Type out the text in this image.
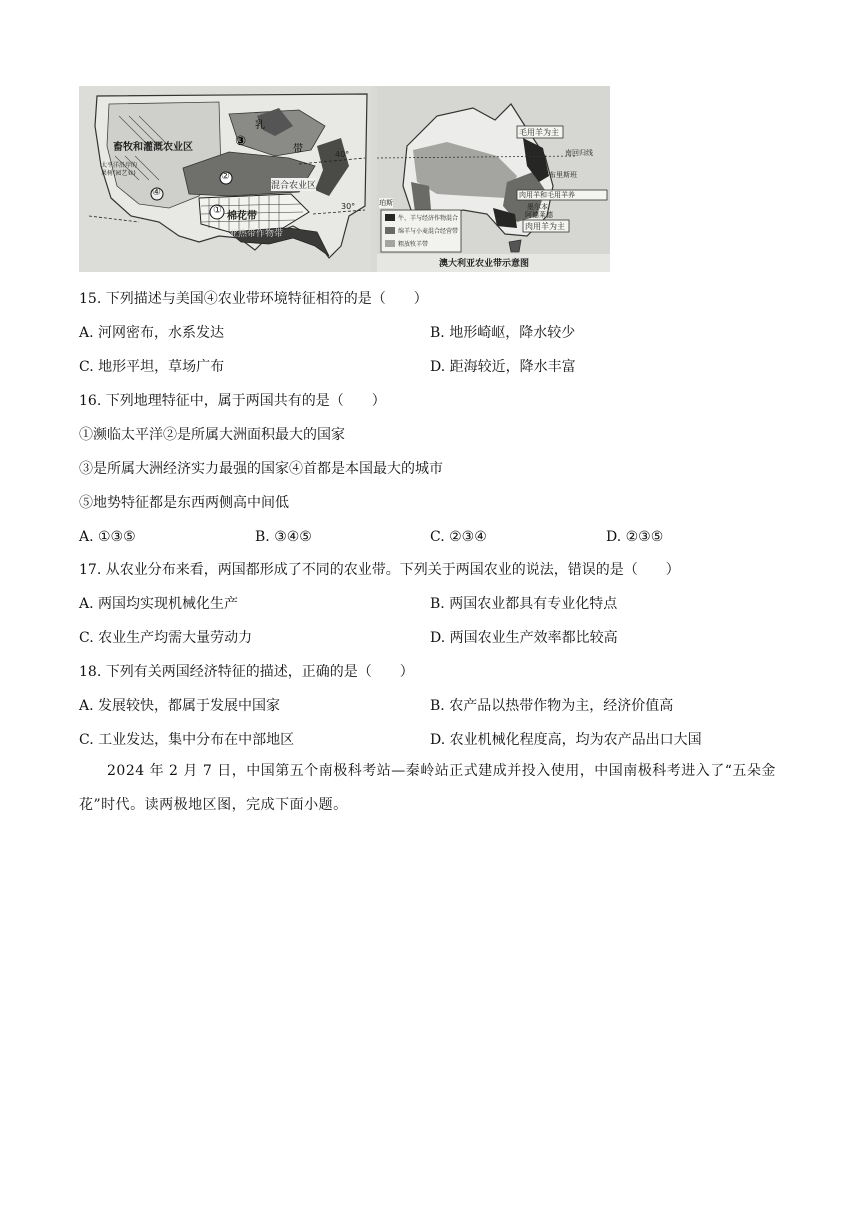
畜牧和灌溉农业区	③
乳
带
混合农业区
棉花带
亚热带作物带
①
②
④
40°
30°
太平洋沿岸的果树(园艺业)
毛用羊为主
南回归线
布里斯班
肉用羊和毛用羊养
珀斯	墨尔本
阿德莱德
肉用羊为主
牛、羊与经济作物混合
绵羊与小麦混合经营带
粗放牧羊带
澳大利亚农业带示意图
15. 下列描述与美国④农业带环境特征相符的是（　　）
A. 河网密布，水系发达	B. 地形崎岖，降水较少
C. 地形平坦，草场广布	D. 距海较近，降水丰富
16. 下列地理特征中，属于两国共有的是（　　）
①濒临太平洋②是所属大洲面积最大的国家
③是所属大洲经济实力最强的国家④首都是本国最大的城市
⑤地势特征都是东西两侧高中间低
A. ①③⑤	B. ③④⑤	C. ②③④	D. ②③⑤
17. 从农业分布来看，两国都形成了不同的农业带。下列关于两国农业的说法，错误的是（　　）
A. 两国均实现机械化生产	B. 两国农业都具有专业化特点
C. 农业生产均需大量劳动力	D. 两国农业生产效率都比较高
18. 下列有关两国经济特征的描述，正确的是（　　）
A. 发展较快，都属于发展中国家	B. 农产品以热带作物为主，经济价值高
C. 工业发达，集中分布在中部地区	D. 农业机械化程度高，均为农产品出口大国
2024 年 2 月 7 日，中国第五个南极科考站—秦岭站正式建成并投入使用，中国南极科考进入了“五朵金花”时代。读两极地区图，完成下面小题。
